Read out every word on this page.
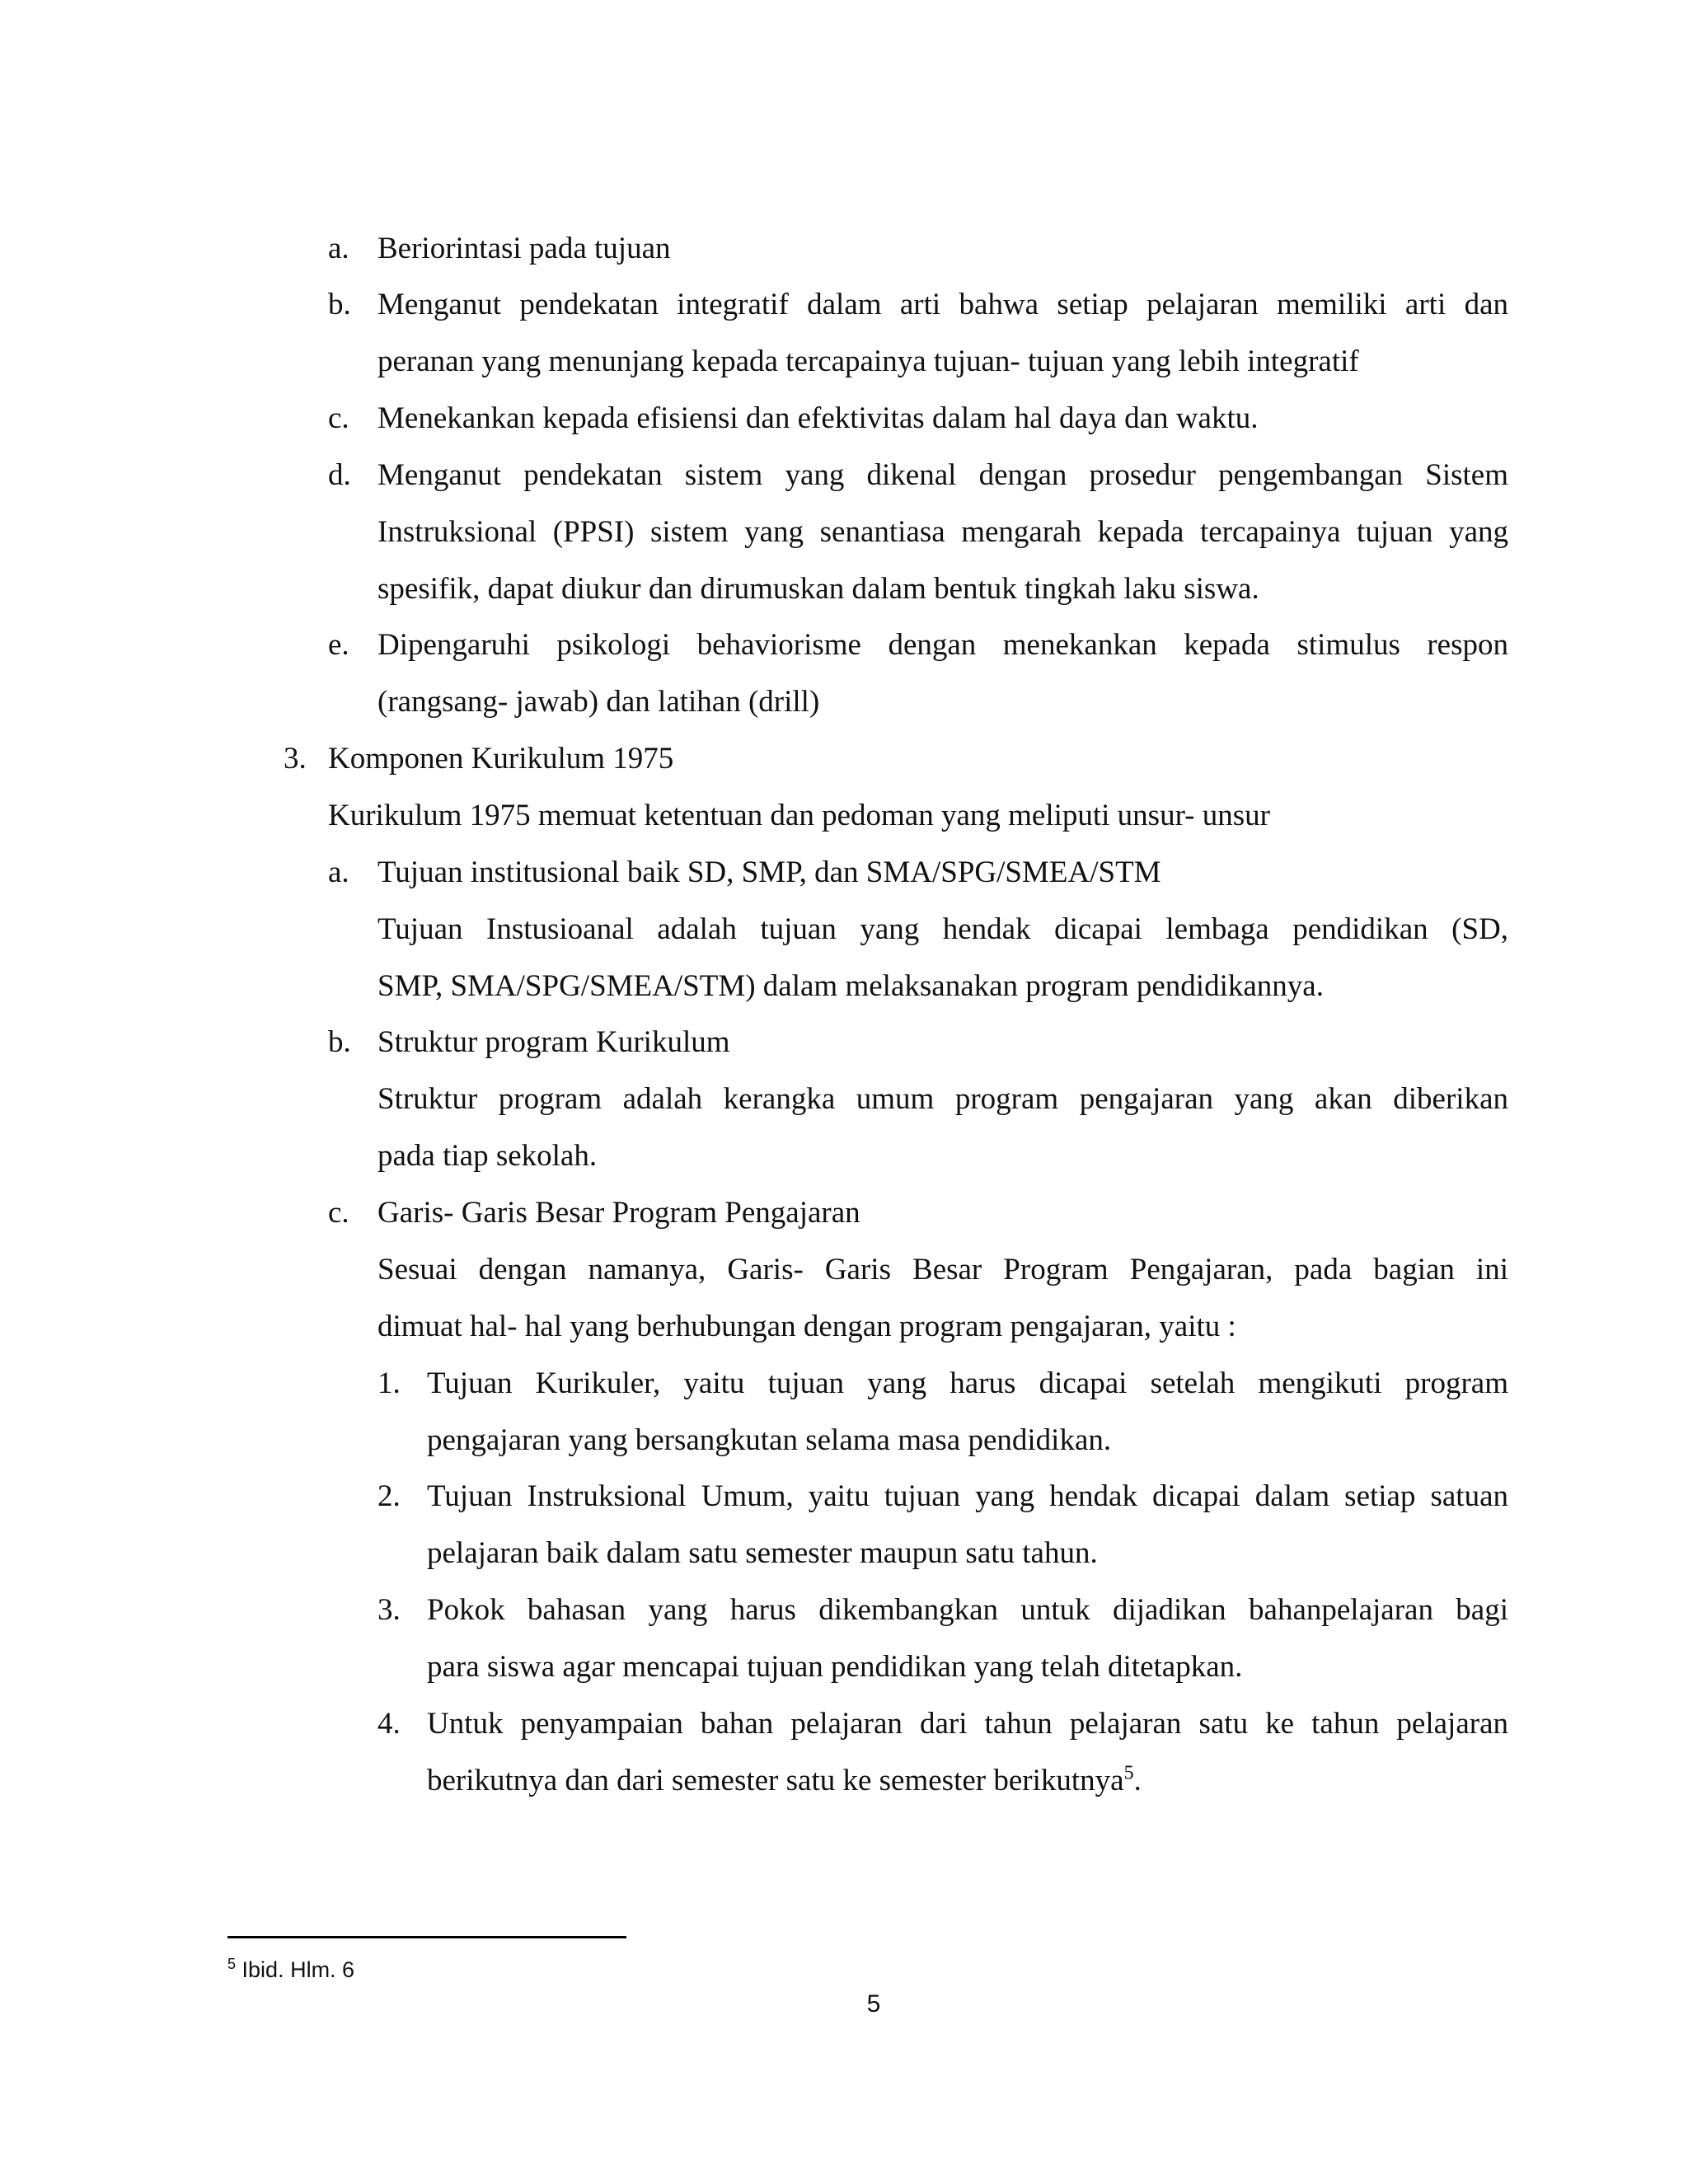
a. Beriorintasi pada tujuan
b. Menganut pendekatan integratif dalam arti bahwa setiap pelajaran memiliki arti dan
peranan yang menunjang kepada tercapainya tujuan- tujuan yang lebih integratif
c. Menekankan kepada efisiensi dan efektivitas dalam hal daya dan waktu.
d. Menganut pendekatan sistem yang dikenal dengan prosedur pengembangan Sistem
Instruksional (PPSI) sistem yang senantiasa mengarah kepada tercapainya tujuan yang
spesifik, dapat diukur dan dirumuskan dalam bentuk tingkah laku siswa.
e. Dipengaruhi psikologi behaviorisme dengan menekankan kepada stimulus respon
(rangsang- jawab) dan latihan (drill)
3. Komponen Kurikulum 1975
Kurikulum 1975 memuat ketentuan dan pedoman yang meliputi unsur- unsur
a. Tujuan institusional baik SD, SMP, dan SMA/SPG/SMEA/STM
Tujuan Instusioanal adalah tujuan yang hendak dicapai lembaga pendidikan (SD,
SMP, SMA/SPG/SMEA/STM) dalam melaksanakan program pendidikannya.
b. Struktur program Kurikulum
Struktur program adalah kerangka umum program pengajaran yang akan diberikan
pada tiap sekolah.
c. Garis- Garis Besar Program Pengajaran
Sesuai dengan namanya, Garis- Garis Besar Program Pengajaran, pada bagian ini
dimuat hal- hal yang berhubungan dengan program pengajaran, yaitu :
1. Tujuan Kurikuler, yaitu tujuan yang harus dicapai setelah mengikuti program
pengajaran yang bersangkutan selama masa pendidikan.
2. Tujuan Instruksional Umum, yaitu tujuan yang hendak dicapai dalam setiap satuan
pelajaran baik dalam satu semester maupun satu tahun.
3. Pokok bahasan yang harus dikembangkan untuk dijadikan bahanpelajaran bagi
para siswa agar mencapai tujuan pendidikan yang telah ditetapkan.
4. Untuk penyampaian bahan pelajaran dari tahun pelajaran satu ke tahun pelajaran
berikutnya dan dari semester satu ke semester berikutnya$^5$.
$^5$ Ibid. Hlm. 6
5
